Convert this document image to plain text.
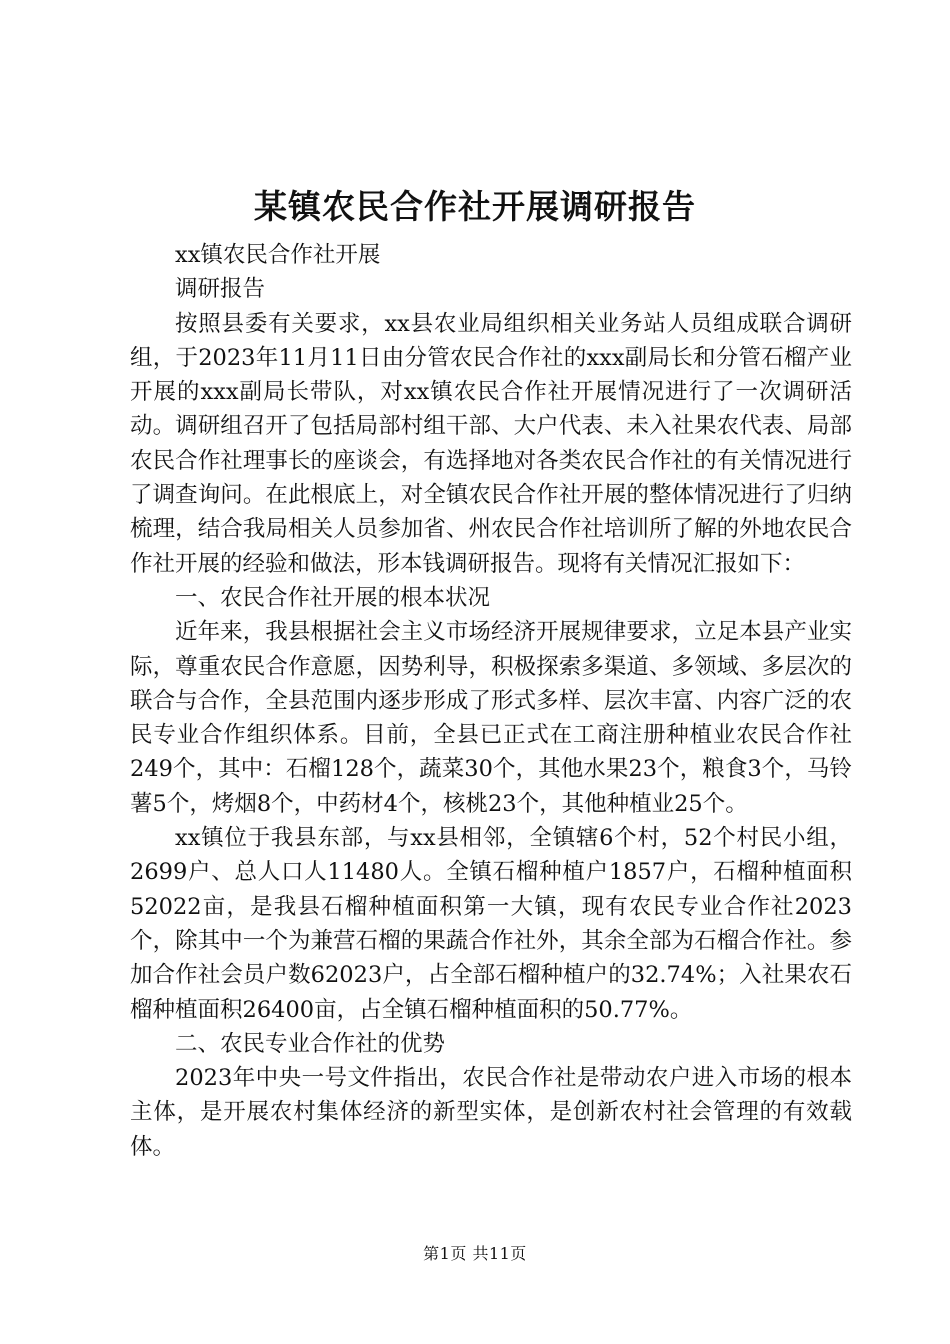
某镇农民合作社开展调研报告

xx镇农民合作社开展

调研报告

按照县委有关要求，xx县农业局组织相关业务站人员组成联合调研组，于2023年11月11日由分管农民合作社的xxx副局长和分管石榴产业开展的xxx副局长带队，对xx镇农民合作社开展情况进行了一次调研活动。调研组召开了包括局部村组干部、大户代表、未入社果农代表、局部农民合作社理事长的座谈会，有选择地对各类农民合作社的有关情况进行了调查询问。在此根底上，对全镇农民合作社开展的整体情况进行了归纳梳理，结合我局相关人员参加省、州农民合作社培训所了解的外地农民合作社开展的经验和做法，形本钱调研报告。现将有关情况汇报如下：

一、农民合作社开展的根本状况

近年来，我县根据社会主义市场经济开展规律要求，立足本县产业实际，尊重农民合作意愿，因势利导，积极探索多渠道、多领域、多层次的联合与合作，全县范围内逐步形成了形式多样、层次丰富、内容广泛的农民专业合作组织体系。目前，全县已正式在工商注册种植业农民合作社249个，其中：石榴128个，蔬菜30个，其他水果23个，粮食3个，马铃薯5个，烤烟8个，中药材4个，核桃23个，其他种植业25个。

xx镇位于我县东部，与xx县相邻，全镇辖6个村，52个村民小组，2699户、总人口人11480人。全镇石榴种植户1857户，石榴种植面积52022亩，是我县石榴种植面积第一大镇，现有农民专业合作社2023个，除其中一个为兼营石榴的果蔬合作社外，其余全部为石榴合作社。参加合作社会员户数62023户，占全部石榴种植户的32.74%；入社果农石榴种植面积26400亩，占全镇石榴种植面积的50.77%。

二、农民专业合作社的优势

2023年中央一号文件指出，农民合作社是带动农户进入市场的根本主体，是开展农村集体经济的新型实体，是创新农村社会管理的有效载体。

第1页 共11页
